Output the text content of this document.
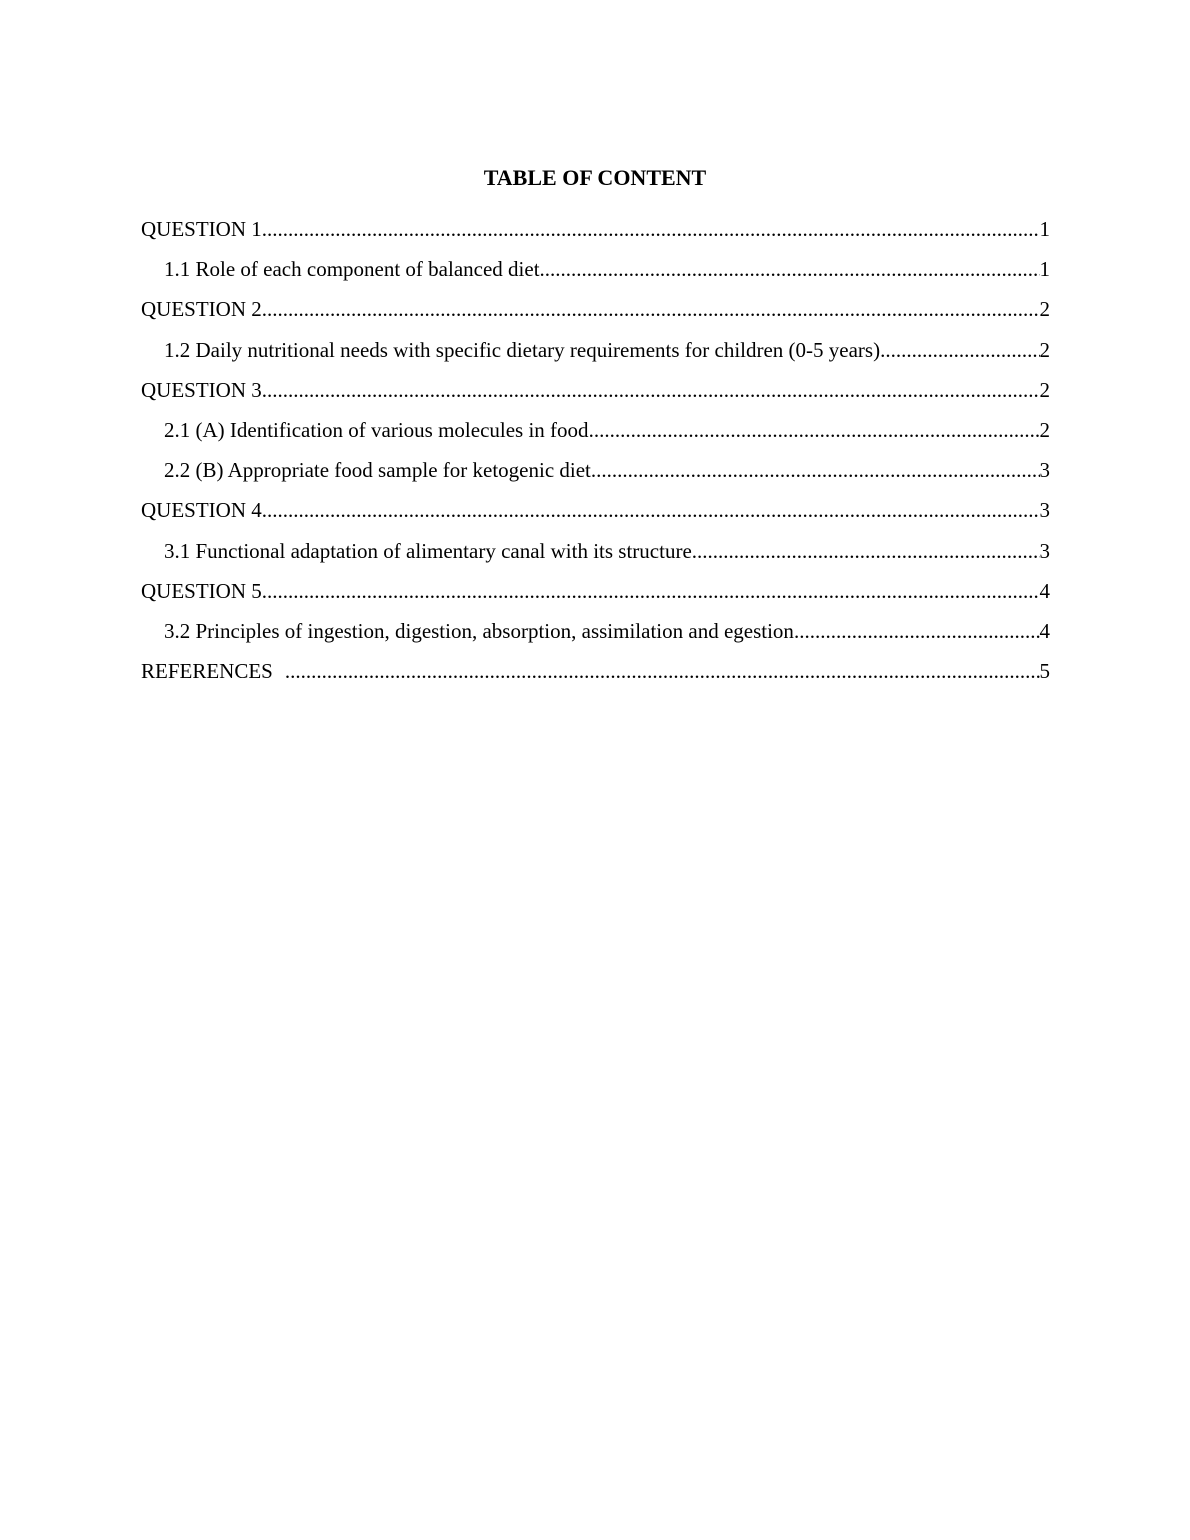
TABLE OF CONTENT
QUESTION 1 .....	1
1.1 Role of each component of balanced diet .....	1
QUESTION 2 .....	2
1.2 Daily nutritional needs with specific dietary requirements for children (0-5 years) .....	2
QUESTION 3 .....	2
2.1 (A) Identification of various molecules in food .....	2
2.2 (B) Appropriate food sample for ketogenic diet .....	3
QUESTION 4 .....	3
3.1 Functional adaptation of alimentary canal with its structure .....	3
QUESTION 5 .....	4
3.2 Principles of ingestion, digestion, absorption, assimilation and egestion .....	4
REFERENCES .....	5
